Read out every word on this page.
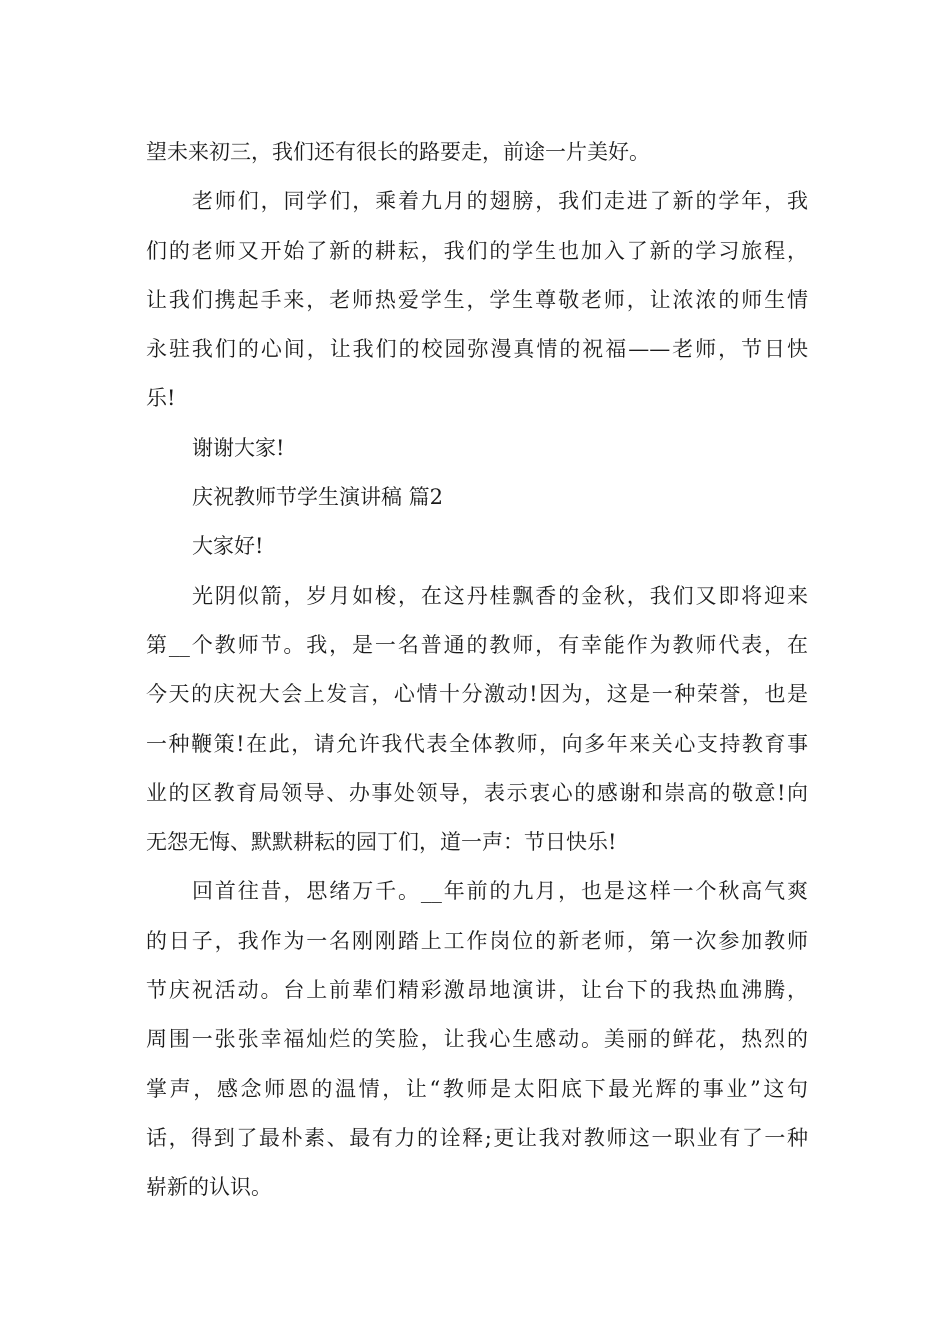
望未来初三，我们还有很长的路要走，前途一片美好。
老师们，同学们，乘着九月的翅膀，我们走进了新的学年，我
们的老师又开始了新的耕耘，我们的学生也加入了新的学习旅程，
让我们携起手来，老师热爱学生，学生尊敬老师，让浓浓的师生情
永驻我们的心间，让我们的校园弥漫真情的祝福——老师，节日快
乐!
谢谢大家!
庆祝教师节学生演讲稿 篇2
大家好!
光阴似箭，岁月如梭，在这丹桂飘香的金秋，我们又即将迎来
第__个教师节。我，是一名普通的教师，有幸能作为教师代表，在
今天的庆祝大会上发言，心情十分激动!因为，这是一种荣誉，也是
一种鞭策!在此，请允许我代表全体教师，向多年来关心支持教育事
业的区教育局领导、办事处领导，表示衷心的感谢和崇高的敬意!向
无怨无悔、默默耕耘的园丁们，道一声：节日快乐!
回首往昔，思绪万千。__年前的九月，也是这样一个秋高气爽
的日子，我作为一名刚刚踏上工作岗位的新老师，第一次参加教师
节庆祝活动。台上前辈们精彩激昂地演讲，让台下的我热血沸腾，
周围一张张幸福灿烂的笑脸，让我心生感动。美丽的鲜花，热烈的
掌声，感念师恩的温情，让“教师是太阳底下最光辉的事业”这句
话，得到了最朴素、最有力的诠释;更让我对教师这一职业有了一种
崭新的认识。
